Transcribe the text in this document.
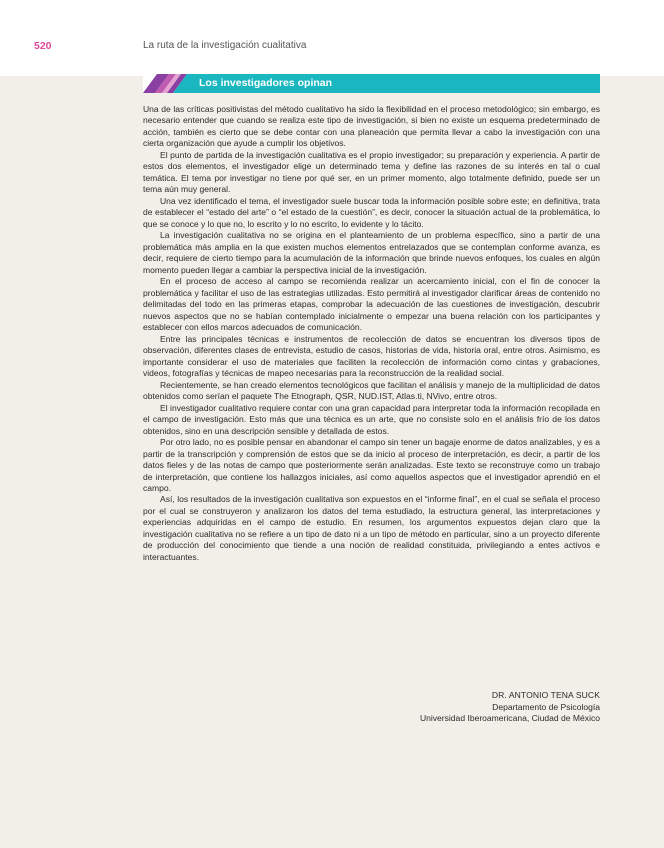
520	La ruta de la investigación cualitativa
Los investigadores opinan

Una de las críticas positivistas del método cualitativo ha sido la flexibilidad en el proceso metodológico; sin embargo, es necesario entender que cuando se realiza este tipo de investigación, si bien no existe un esquema predeterminado de acción, también es cierto que se debe contar con una planeación que permita llevar a cabo la investigación con una cierta organización que ayude a cumplir los objetivos.

El punto de partida de la investigación cualitativa es el propio investigador; su preparación y experiencia. A partir de estos dos elementos, el investigador elige un determinado tema y define las razones de su interés en tal o cual temática. El tema por investigar no tiene por qué ser, en un primer momento, algo totalmente definido, puede ser un tema aún muy general.

Una vez identificado el tema, el investigador suele buscar toda la información posible sobre este; en definitiva, trata de establecer el “estado del arte” o “el estado de la cuestión”, es decir, conocer la situación actual de la problemática, lo que se conoce y lo que no, lo escrito y lo no escrito, lo evidente y lo tácito.

La investigación cualitativa no se origina en el planteamiento de un problema específico, sino a partir de una problemática más amplia en la que existen muchos elementos entrelazados que se contemplan conforme avanza, es decir, requiere de cierto tiempo para la acumulación de la información que brinde nuevos enfoques, los cuales en algún momento pueden llegar a cambiar la perspectiva inicial de la investigación.

En el proceso de acceso al campo se recomienda realizar un acercamiento inicial, con el fin de conocer la problemática y facilitar el uso de las estrategias utilizadas. Esto permitirá al investigador clarificar áreas de contenido no delimitadas del todo en las primeras etapas, comprobar la adecuación de las cuestiones de investigación, descubrir nuevos aspectos que no se habían contemplado inicialmente o empezar una buena relación con los participantes y establecer con ellos marcos adecuados de comunicación.

Entre las principales técnicas e instrumentos de recolección de datos se encuentran los diversos tipos de observación, diferentes clases de entrevista, estudio de casos, historias de vida, historia oral, entre otros. Asimismo, es importante considerar el uso de materiales que faciliten la recolección de información como cintas y grabaciones, videos, fotografías y técnicas de mapeo necesarias para la reconstrucción de la realidad social.

Recientemente, se han creado elementos tecnológicos que facilitan el análisis y manejo de la multiplicidad de datos obtenidos como serían el paquete The Etnograph, QSR, NUD.IST, Atlas.ti, NVivo, entre otros.

El investigador cualitativo requiere contar con una gran capacidad para interpretar toda la información recopilada en el campo de investigación. Esto más que una técnica es un arte, que no consiste solo en el análisis frío de los datos obtenidos, sino en una descripción sensible y detallada de estos.

Por otro lado, no es posible pensar en abandonar el campo sin tener un bagaje enorme de datos analizables, y es a partir de la transcripción y comprensión de estos que se da inicio al proceso de interpretación, es decir, a partir de los datos fieles y de las notas de campo que posteriormente serán analizadas. Este texto se reconstruye como un trabajo de interpretación, que contiene los hallazgos iniciales, así como aquellos aspectos que el investigador aprendió en el campo.

Así, los resultados de la investigación cualitativa son expuestos en el “informe final”, en el cual se señala el proceso por el cual se construyeron y analizaron los datos del tema estudiado, la estructura general, las interpretaciones y experiencias adquiridas en el campo de estudio. En resumen, los argumentos expuestos dejan claro que la investigación cualitativa no se refiere a un tipo de dato ni a un tipo de método en particular, sino a un proyecto diferente de producción del conocimiento que tiende a una noción de realidad constituida, privilegiando a entes activos e interactuantes.

DR. ANTONIO TENA SUCK
Departamento de Psicología
Universidad Iberoamericana, Ciudad de México
